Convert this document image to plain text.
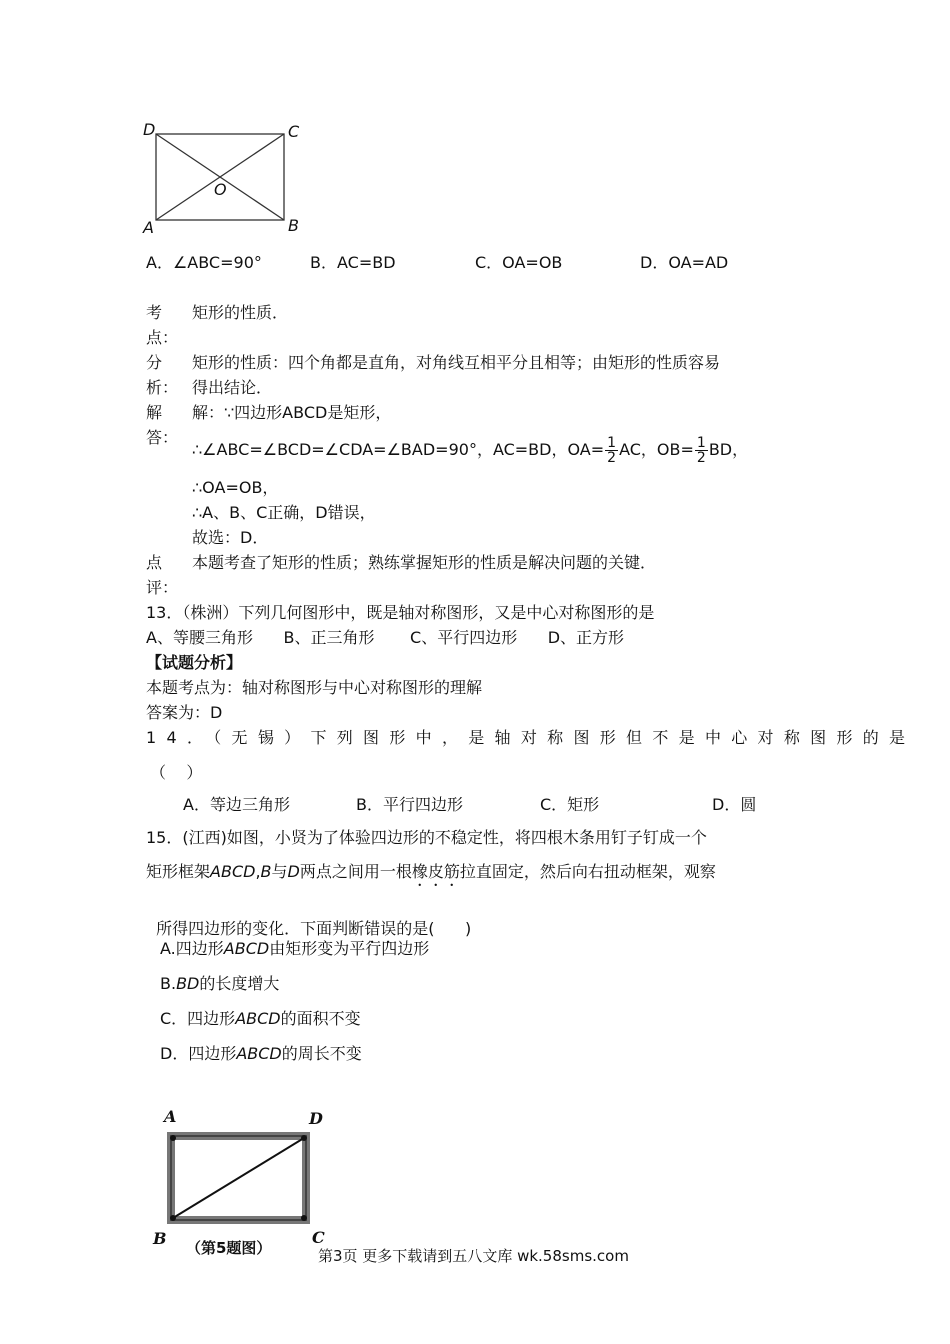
D	C
A	B
O
A．∠ABC=90°	B．AC=BD	C．OA=OB	D．OA=AD
考
点：
矩形的性质．
分
析：
矩形的性质：四个角都是直角，对角线互相平分且相等；由矩形的性质容易
得出结论．
解
答：
解：∵四边形ABCD是矩形，
∴∠ABC=∠BCD=∠CDA=∠BAD=90°，AC=BD，$OA= \frac{1}{2}$ AC，$OB= \frac{1}{2}$ BD，
∴OA=OB，
∴A、B、C正确，D错误，
故选：D．
点
评：
本题考查了矩形的性质；熟练掌握矩形的性质是解决问题的关键．
13．（株洲）下列几何图形中，既是轴对称图形，又是中心对称图形的是
A、等腰三角形      B、正三角形       C、平行四边形      D、正方形
【试题分析】
本题考点为：轴对称图形与中心对称图形的理解
答案为：D
14．（无锡）下列图形中，是轴对称图形但不是中心对称图形的是
（    ）
A．等边三角形	B．平行四边形	C．矩形	D．圆
15．(江西)如图，小贤为了体验四边形的不稳定性，将四根木条用钉子钉成一个
矩形框架ABCD,B与D两点之间用一根橡皮筋拉直固定，然后向右扭动框架，观察

所得四边形的变化．下面判断错误的是(      )

A.四边形ABCD由矩形变为平行四边形
B.BD的长度增大
C．四边形ABCD的面积不变
D．四边形ABCD的周长不变
A	D
B	C
（第5题图）	第3页 更多下载请到五八文库 wk.58sms.com
